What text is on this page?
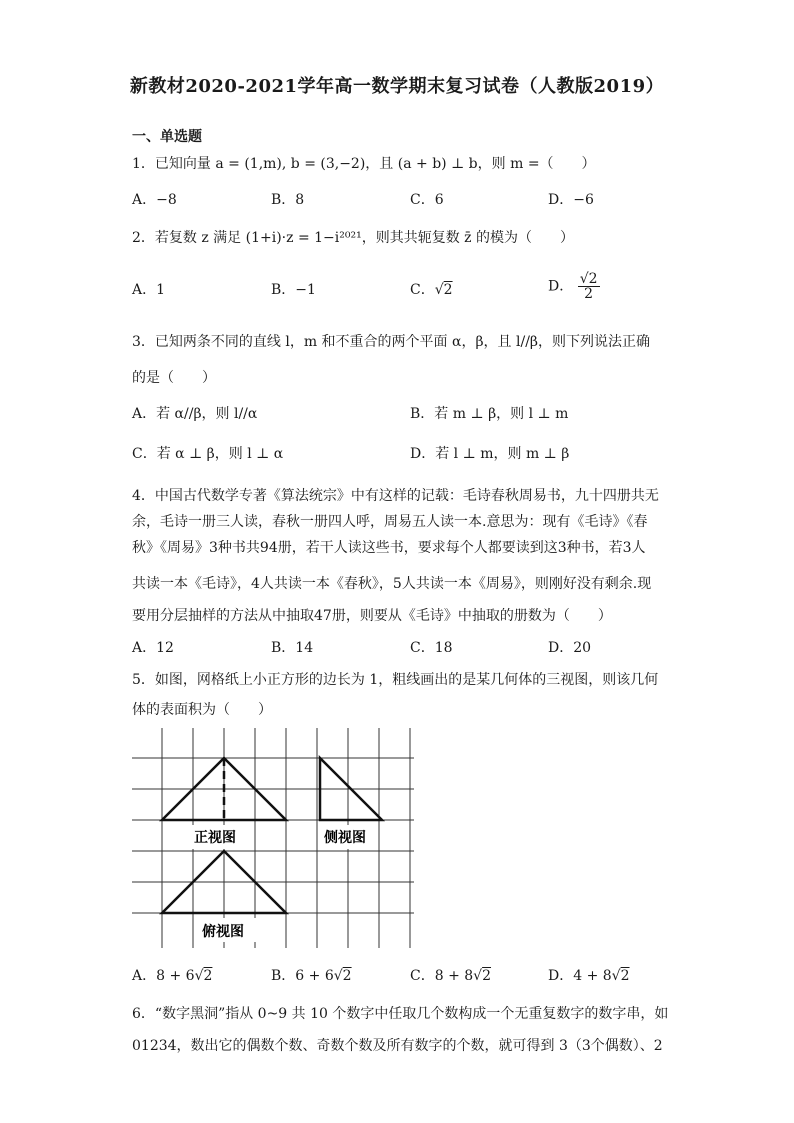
新教材2020-2021学年高一数学期末复习试卷（人教版2019）
一、单选题
1．已知向量 a = (1,m), b = (3,−2)，且 (a + b) ⊥ b，则 m =（　　）
A．−8	B．8	C．6	D．−6
2．若复数 z 满足 (1+i)·z = 1−i²⁰²¹，则其共轭复数 z̄ 的模为（　　）
A．1	B．−1	C．√2	D． $\frac{√2}{2}$
3．已知两条不同的直线 l，m 和不重合的两个平面 α，β，且 l//β，则下列说法正确
的是（　　）
A．若 α//β，则 l//α	B．若 m ⊥ β，则 l ⊥ m
C．若 α ⊥ β，则 l ⊥ α	D．若 l ⊥ m，则 m ⊥ β
4．中国古代数学专著《算法统宗》中有这样的记载：毛诗春秋周易书，九十四册共无
余，毛诗一册三人读，春秋一册四人呼，周易五人读一本.意思为：现有《毛诗》《春
秋》《周易》3种书共94册，若干人读这些书，要求每个人都要读到这3种书，若3人
共读一本《毛诗》，4人共读一本《春秋》，5人共读一本《周易》，则刚好没有剩余.现
要用分层抽样的方法从中抽取47册，则要从《毛诗》中抽取的册数为（　　）
A．12	B．14	C．18	D．20
5．如图，网格纸上小正方形的边长为 1，粗线画出的是某几何体的三视图，则该几何
体的表面积为（　　）
正视图	侧视图
俯视图
A．8 + 6√2	B．6 + 6√2	C．8 + 8√2	D．4 + 8√2
6．“数字黑洞”指从 0~9 共 10 个数字中任取几个数构成一个无重复数字的数字串，如
01234，数出它的偶数个数、奇数个数及所有数字的个数，就可得到 3（3个偶数）、2
